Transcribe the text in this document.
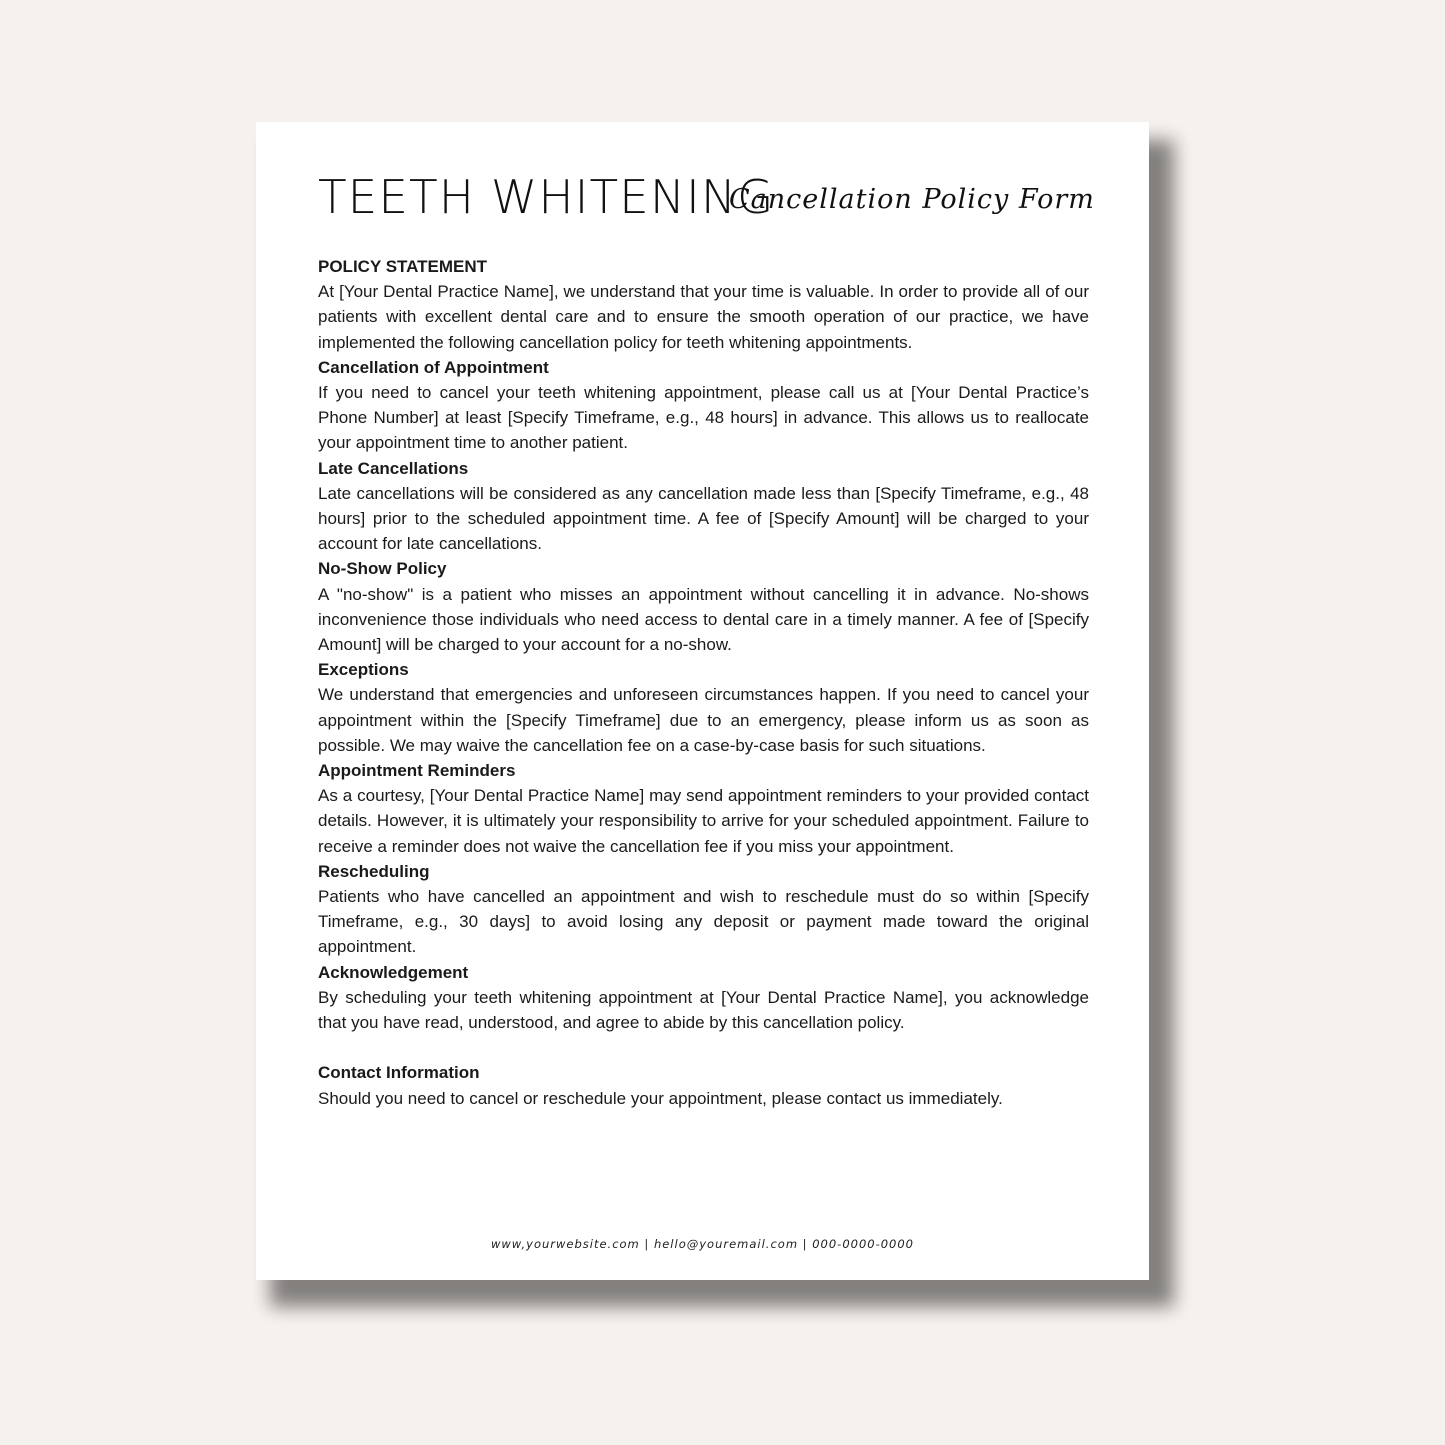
TEETH WHITENING
Cancellation Policy Form
POLICY STATEMENT
At [Your Dental Practice Name], we understand that your time is valuable. In order to provide all of our patients with excellent dental care and to ensure the smooth operation of our practice, we have implemented the following cancellation policy for teeth whitening appointments.
Cancellation of Appointment
If you need to cancel your teeth whitening appointment, please call us at [Your Dental Practice’s Phone Number] at least [Specify Timeframe, e.g., 48 hours] in advance. This allows us to reallocate your appointment time to another patient.
Late Cancellations
Late cancellations will be considered as any cancellation made less than [Specify Timeframe, e.g., 48 hours] prior to the scheduled appointment time. A fee of [Specify Amount] will be charged to your account for late cancellations.
No-Show Policy
A "no-show" is a patient who misses an appointment without cancelling it in advance. No-shows inconvenience those individuals who need access to dental care in a timely manner. A fee of [Specify Amount] will be charged to your account for a no-show.
Exceptions
We understand that emergencies and unforeseen circumstances happen. If you need to cancel your appointment within the [Specify Timeframe] due to an emergency, please inform us as soon as possible. We may waive the cancellation fee on a case-by-case basis for such situations.
Appointment Reminders
As a courtesy, [Your Dental Practice Name] may send appointment reminders to your provided contact details. However, it is ultimately your responsibility to arrive for your scheduled appointment. Failure to receive a reminder does not waive the cancellation fee if you miss your appointment.
Rescheduling
Patients who have cancelled an appointment and wish to reschedule must do so within [Specify Timeframe, e.g., 30 days] to avoid losing any deposit or payment made toward the original appointment.
Acknowledgement
By scheduling your teeth whitening appointment at [Your Dental Practice Name], you acknowledge that you have read, understood, and agree to abide by this cancellation policy.
Contact Information
Should you need to cancel or reschedule your appointment, please contact us immediately.
www,yourwebsite.com | hello@youremail.com | 000-0000-0000
